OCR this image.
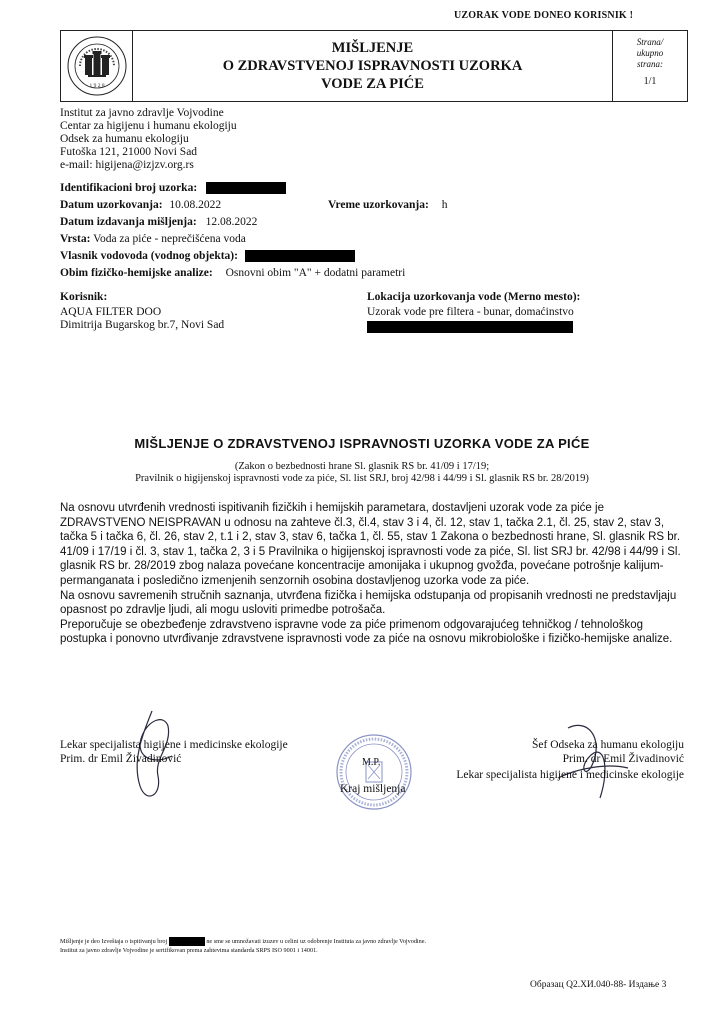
UZORAK VODE DONEO KORISNIK !
1 9 2 8
MIŠLJENJE
O ZDRAVSTVENOJ ISPRAVNOSTI UZORKA
VODE ZA PIĆE
Strana/
ukupno
strana:
1/1
Institut za javno zdravlje Vojvodine
Centar za higijenu i humanu ekologiju
Odsek za humanu ekologiju
Futoška 121, 21000 Novi Sad
e-mail: higijena@izjzv.org.rs
Identifikacioni broj uzorka:
Datum uzorkovanja: 10.08.2022	Vreme uzorkovanja: h
Datum izdavanja mišljenja: 12.08.2022
Vrsta: Voda za piće - neprečišćena voda
Vlasnik vodovoda (vodnog objekta):
Obim fizičko-hemijske analize: Osnovni obim "A" + dodatni parametri
Korisnik:
AQUA FILTER DOO
Dimitrija Bugarskog br.7, Novi Sad
Lokacija uzorkovanja vode (Merno mesto):
Uzorak vode pre filtera - bunar, domaćinstvo
MIŠLJENJE O ZDRAVSTVENOJ ISPRAVNOSTI UZORKA VODE ZA PIĆE
(Zakon o bezbednosti hrane Sl. glasnik RS br. 41/09 i 17/19;
Pravilnik o higijenskoj ispravnosti vode za piće, Sl. list SRJ, broj 42/98 i 44/99 i Sl. glasnik RS br. 28/2019)

Na osnovu utvrđenih vrednosti ispitivanih fizičkih i hemijskih parametara, dostavljeni uzorak vode za piće je ZDRAVSTVENO NEISPRAVAN u odnosu na zahteve čl.3, čl.4, stav 3 i 4, čl. 12, stav 1, tačka 2.1, čl. 25, stav 2, stav 3, tačka 5 i tačka 6, čl. 26, stav 2, t.1 i 2, stav 3, stav 6, tačka 1, čl. 55, stav 1 Zakona o bezbednosti hrane, Sl. glasnik RS br. 41/09 i 17/19 i čl. 3, stav 1, tačka 2, 3 i 5 Pravilnika o higijenskoj ispravnosti vode za piće, Sl. list SRJ br. 42/98 i 44/99 i Sl. glasnik RS br. 28/2019 zbog nalaza povećane koncentracije amonijaka i ukupnog gvožđa, povećane potrošnje kalijum-permanganata i posledično izmenjenih senzornih osobina dostavljenog uzorka vode za piće.

Na osnovu savremenih stručnih saznanja, utvrđena fizička i hemijska odstupanja od propisanih vrednosti ne predstavljaju opasnost po zdravlje ljudi, ali mogu usloviti primedbe potrošača.

Preporučuje se obezbeđenje zdravstveno ispravne vode za piće primenom odgovarajućeg tehničkog / tehnološkog postupka i ponovno utvrđivanje zdravstvene ispravnosti vode za piće na osnovu mikrobiološke i fizičko-hemijske analize.

Lekar specijalista higijene i medicinske ekologije
Prim. dr Emil Živadinović	M.P.
Kraj mišljenja
Šef Odseka za humanu ekologiju
Prim. dr Emil Živadinović
Lekar specijalista higijene i medicinske ekologije
Mišljenje je deo Izveštaja o ispitivanju broj	ne sme se umnožavati izuzev u celini uz odobrenje Instituta za javno zdravlje Vojvodine.
Institut za javno zdravlje Vojvodine je sertifikovan prema zahtevima standarda SRPS ISO 9001 i 14001.
Образац Q2.XИ.040-88- Издање 3
